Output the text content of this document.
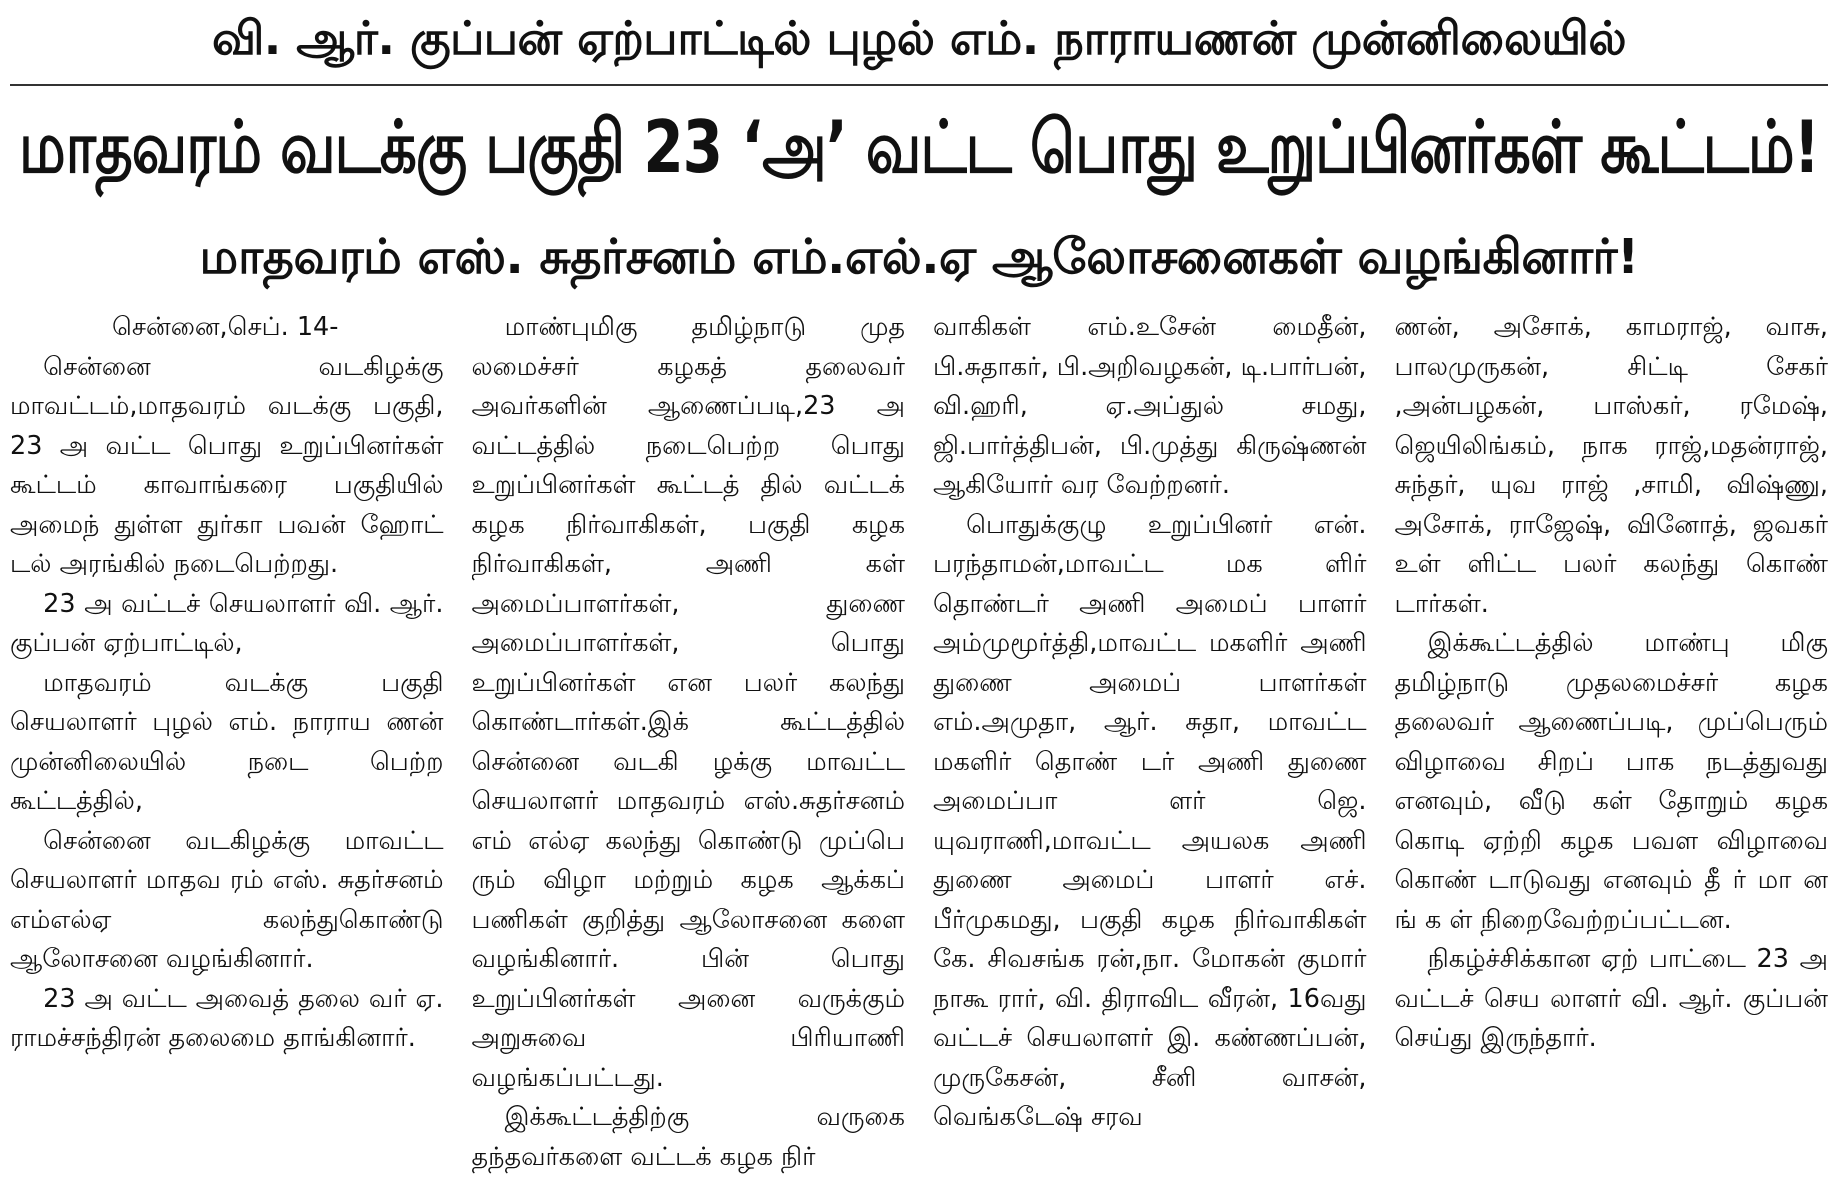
வி. ஆர். குப்பன் ஏற்பாட்டில் புழல் எம். நாராயணன் முன்னிலையில்
மாதவரம் வடக்கு பகுதி 23 ‘அ’ வட்ட பொது உறுப்பினர்கள் கூட்டம்!
மாதவரம் எஸ். சுதர்சனம் எம்.எல்.ஏ ஆலோசனைகள் வழங்கினார்!

சென்னை,செப். 14-

சென்னை வடகிழக்கு மாவட்டம்,மாதவரம் வடக்கு பகுதி, 23 அ வட்ட பொது உறுப்பினர்கள் கூட்டம் காவாங்கரை பகுதியில் அமைந் துள்ள துர்கா பவன் ஹோட் டல் அரங்கில் நடைபெற்றது.

23 அ வட்டச் செயலாளர் வி. ஆர். குப்பன் ஏற்பாட்டில்,

மாதவரம் வடக்கு பகுதி செயலாளர் புழல் எம். நாராய ணன் முன்னிலையில் நடை பெற்ற கூட்டத்தில்,

சென்னை வடகிழக்கு மாவட்ட செயலாளர் மாதவ ரம் எஸ். சுதர்சனம் எம்எல்ஏ கலந்துகொண்டு ஆலோசனை வழங்கினார்.

23 அ வட்ட அவைத் தலை வர் ஏ. ராமச்சந்திரன் தலைமை தாங்கினார்.

மாண்புமிகு தமிழ்நாடு முத லமைச்சர் கழகத் தலைவர் அவர்களின் ஆணைப்படி,23 அ வட்டத்தில் நடைபெற்ற பொது உறுப்பினர்கள் கூட்டத் தில் வட்டக் கழக நிர்வாகிகள், பகுதி கழக நிர்வாகிகள், அணி கள் அமைப்பாளர்கள், துணை அமைப்பாளர்கள், பொது உறுப்பினர்கள் என பலர் கலந்து கொண்டார்கள்.இக் கூட்டத்தில் சென்னை வடகி ழக்கு மாவட்ட செயலாளர் மாதவரம் எஸ்.சுதர்சனம் எம் எல்ஏ கலந்து கொண்டு முப்பெ ரும் விழா மற்றும் கழக ஆக்கப் பணிகள் குறித்து ஆலோசனை களை வழங்கினார். பின் பொது உறுப்பினர்கள் அனை வருக்கும் அறுசுவை பிரியாணி வழங்கப்பட்டது.

இக்கூட்டத்திற்கு வருகை தந்தவர்களை வட்டக் கழக நிர்

வாகிகள் எம்.உசேன் மைதீன், பி.சுதாகர், பி.அறிவழகன், டி.பார்பன், வி.ஹரி, ஏ.அப்துல் சமது, ஜி.பார்த்திபன், பி.முத்து கிருஷ்ணன் ஆகியோர் வர வேற்றனர்.

பொதுக்குழு உறுப்பினர் என். பரந்தாமன்,மாவட்ட மக ளிர் தொண்டர் அணி அமைப் பாளர் அம்முமூர்த்தி,மாவட்ட மகளிர் அணி துணை அமைப் பாளர்கள் எம்.அமுதா, ஆர். சுதா, மாவட்ட மகளிர் தொண் டர் அணி துணை அமைப்பா ளர் ஜெ. யுவராணி,மாவட்ட அயலக அணி துணை அமைப் பாளர் எச். பீர்முகமது, பகுதி கழக நிர்வாகிகள் கே. சிவசங்க ரன்,நா. மோகன் குமார் நாகூ ரார், வி. திராவிட வீரன், 16வது வட்டச் செயலாளர் இ. கண்ணப்பன், முருகேசன், சீனி வாசன், வெங்கடேஷ் சரவ

ணன், அசோக், காமராஜ், வாசு, பாலமுருகன், சிட்டி சேகர் ,அன்பழகன், பாஸ்கர், ரமேஷ், ஜெயிலிங்கம், நாக ராஜ்,மதன்ராஜ், சுந்தர், யுவ ராஜ் ,சாமி, விஷ்ணு, அசோக், ராஜேஷ், வினோத், ஜவகர் உள் ளிட்ட பலர் கலந்து கொண் டார்கள்.

இக்கூட்டத்தில் மாண்பு மிகு தமிழ்நாடு முதலமைச்சர் கழக தலைவர் ஆணைப்படி, முப்பெரும் விழாவை சிறப் பாக நடத்துவது எனவும், வீடு கள் தோறும் கழக கொடி ஏற்றி கழக பவள விழாவை கொண் டாடுவது எனவும் தீ ர் மா ன ங் க ள் நிறைவேற்றப்பட்டன.

நிகழ்ச்சிக்கான ஏற் பாட்டை 23 அ வட்டச் செய லாளர் வி. ஆர். குப்பன் செய்து இருந்தார்.
